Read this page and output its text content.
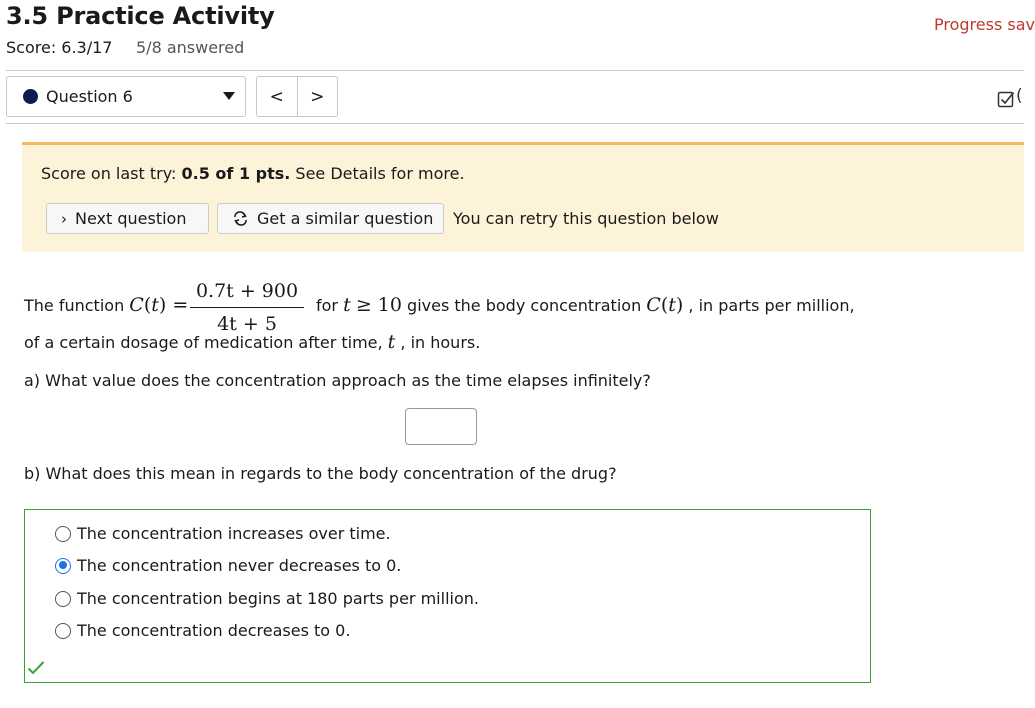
3.5 Practice Activity
Score: 6.3/17 5/8 answered
Progress sav
Question 6	<	>	(
Score on last try: 0.5 of 1 pts. See Details for more.
› Next question	Get a similar question You can retry this question below
The function C(t) =
0.7t + 900
4t + 5
for t ≥ 10 gives the body concentration C(t) , in parts per million,
of a certain dosage of medication after time, t , in hours.
a) What value does the concentration approach as the time elapses infinitely?
b) What does this mean in regards to the body concentration of the drug?
The concentration increases over time.
The concentration never decreases to 0.
The concentration begins at 180 parts per million.
The concentration decreases to 0.
